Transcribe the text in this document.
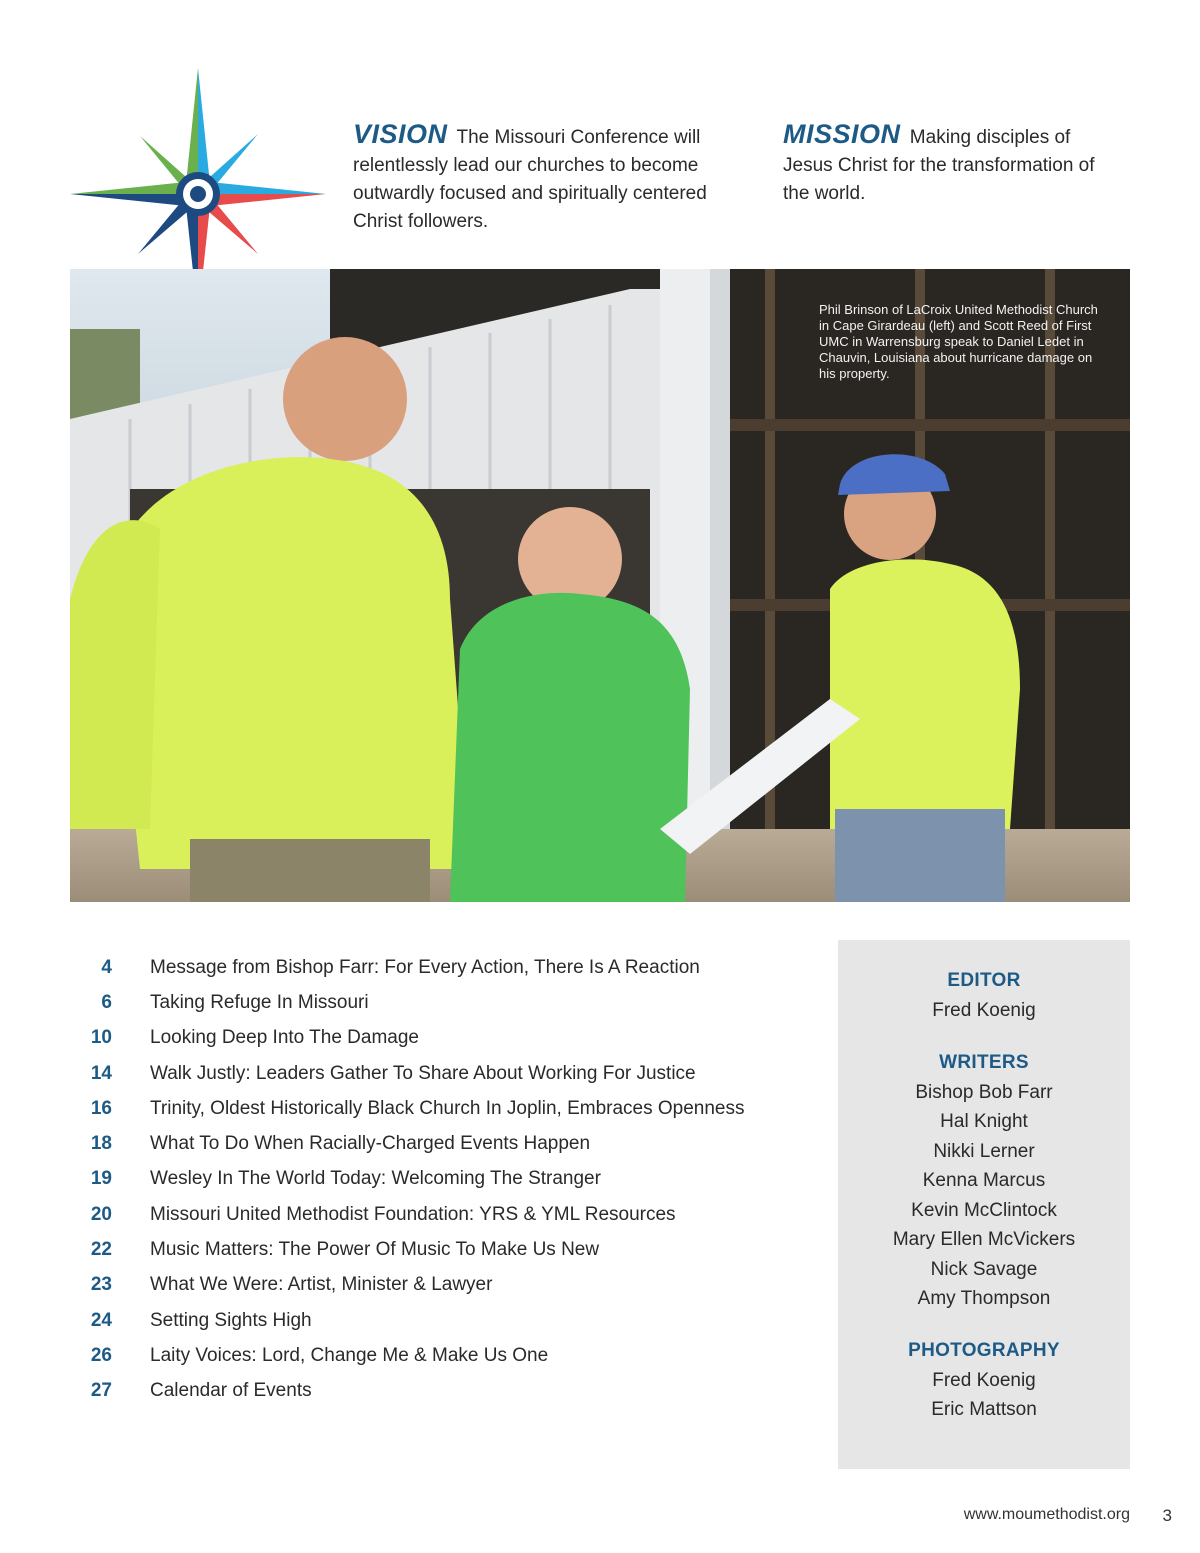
VISION The Missouri Conference will relentlessly lead our churches to become outwardly focused and spiritually centered Christ followers.
MISSION Making disciples of Jesus Christ for the transformation of the world.
Phil Brinson of LaCroix United Methodist Church in Cape Girardeau (left) and Scott Reed of First UMC in Warrensburg speak to Daniel Ledet in Chauvin, Louisiana about hurricane damage on his property.
4 Message from Bishop Farr: For Every Action, There Is A Reaction
6 Taking Refuge In Missouri
10 Looking Deep Into The Damage
14 Walk Justly: Leaders Gather To Share About Working For Justice
16 Trinity, Oldest Historically Black Church In Joplin, Embraces Openness
18 What To Do When Racially-Charged Events Happen
19 Wesley In The World Today: Welcoming The Stranger
20 Missouri United Methodist Foundation: YRS & YML Resources
22 Music Matters: The Power Of Music To Make Us New
23 What We Were: Artist, Minister & Lawyer
24 Setting Sights High
26 Laity Voices: Lord, Change Me & Make Us One
27 Calendar of Events
EDITOR
Fred Koenig
WRITERS
Bishop Bob Farr
Hal Knight
Nikki Lerner
Kenna Marcus
Kevin McClintock
Mary Ellen McVickers
Nick Savage
Amy Thompson
PHOTOGRAPHY
Fred Koenig
Eric Mattson
www.moumethodist.org 3
